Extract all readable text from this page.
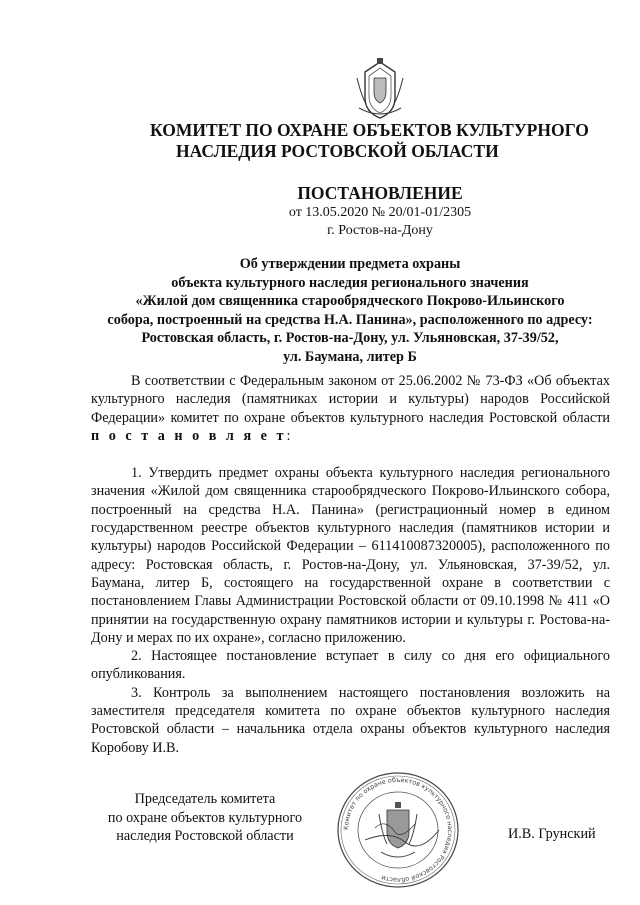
КОМИТЕТ ПО ОХРАНЕ ОБЪЕКТОВ КУЛЬТУРНОГО
НАСЛЕДИЯ РОСТОВСКОЙ ОБЛАСТИ
ПОСТАНОВЛЕНИЕ
от 13.05.2020 № 20/01-01/2305
г. Ростов-на-Дону
Об утверждении предмета охраны
объекта культурного наследия регионального значения
«Жилой дом священника старообрядческого Покрово-Ильинского
собора, построенный на средства Н.А. Панина», расположенного по адресу:
Ростовская область, г. Ростов-на-Дону, ул. Ульяновская, 37-39/52,
ул. Баумана, литер Б

В соответствии с Федеральным законом от 25.06.2002 № 73-ФЗ «Об объектах культурного наследия (памятниках истории и культуры) народов Российской Федерации» комитет по охране объектов культурного наследия Ростовской области п о с т а н о в л я е т:

1. Утвердить предмет охраны объекта культурного наследия регионального значения «Жилой дом священника старообрядческого Покрово-Ильинского собора, построенный на средства Н.А. Панина» (регистрационный номер в едином государственном реестре объектов культурного наследия (памятников истории и культуры) народов Российской Федерации – 611410087320005), расположенного по адресу: Ростовская область, г. Ростов-на-Дону, ул. Ульяновская, 37-39/52, ул. Баумана, литер Б, состоящего на государственной охране в соответствии с постановлением Главы Администрации Ростовской области от 09.10.1998 № 411 «О принятии на государственную охрану памятников истории и культуры г. Ростова-на-Дону и мерах по их охране», согласно приложению.

2. Настоящее постановление вступает в силу со дня его официального опубликования.

3. Контроль за выполнением настоящего постановления возложить на заместителя председателя комитета по охране объектов культурного наследия Ростовской области – начальника отдела охраны объектов культурного наследия Коробову И.В.

Председатель комитета
по охране объектов культурного
наследия Ростовской области
Комитет по охране объектов культурного наследия Ростовской области
И.В. Грунский
